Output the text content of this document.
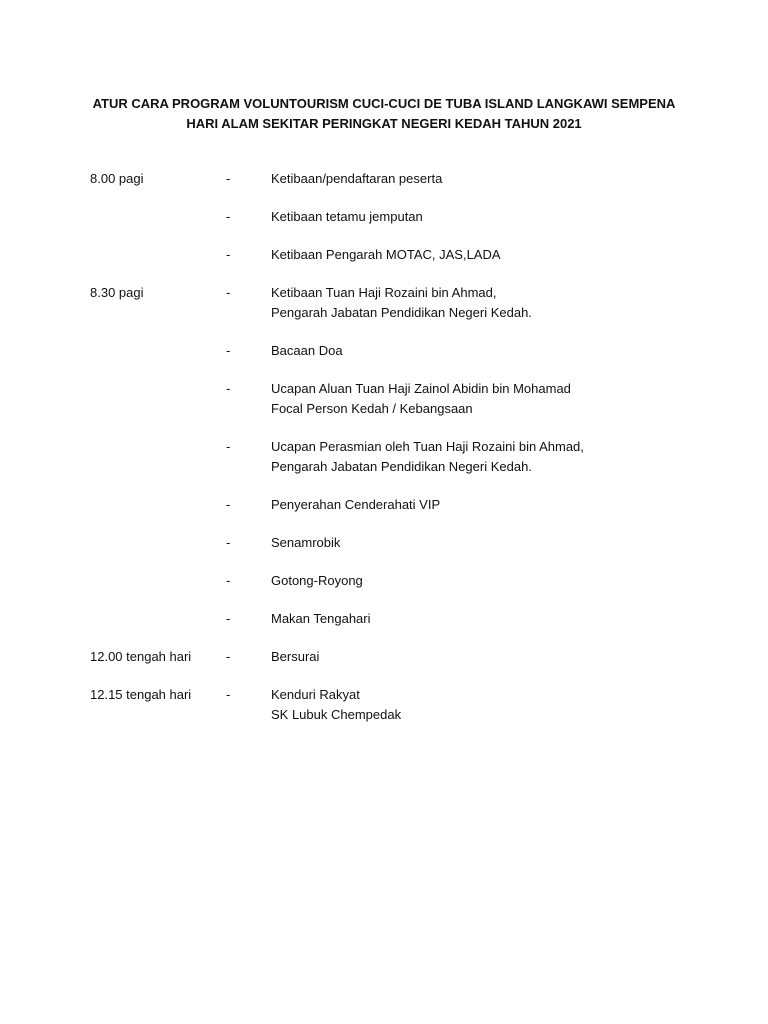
ATUR CARA PROGRAM VOLUNTOURISM CUCI-CUCI DE TUBA ISLAND LANGKAWI SEMPENA
HARI ALAM SEKITAR PERINGKAT NEGERI KEDAH TAHUN 2021
8.00 pagi	-	Ketibaan/pendaftaran peserta
-	Ketibaan tetamu jemputan
-	Ketibaan Pengarah MOTAC, JAS,LADA
8.30 pagi	-	Ketibaan Tuan Haji Rozaini bin Ahmad,
Pengarah Jabatan Pendidikan Negeri Kedah.
-	Bacaan Doa
-	Ucapan Aluan Tuan Haji Zainol Abidin bin Mohamad
Focal Person Kedah / Kebangsaan
-	Ucapan Perasmian oleh Tuan Haji Rozaini bin Ahmad,
Pengarah Jabatan Pendidikan Negeri Kedah.
-	Penyerahan Cenderahati VIP
-	Senamrobik
-	Gotong-Royong
-	Makan Tengahari
12.00 tengah hari	-	Bersurai
12.15 tengah hari	-	Kenduri Rakyat
SK Lubuk Chempedak
